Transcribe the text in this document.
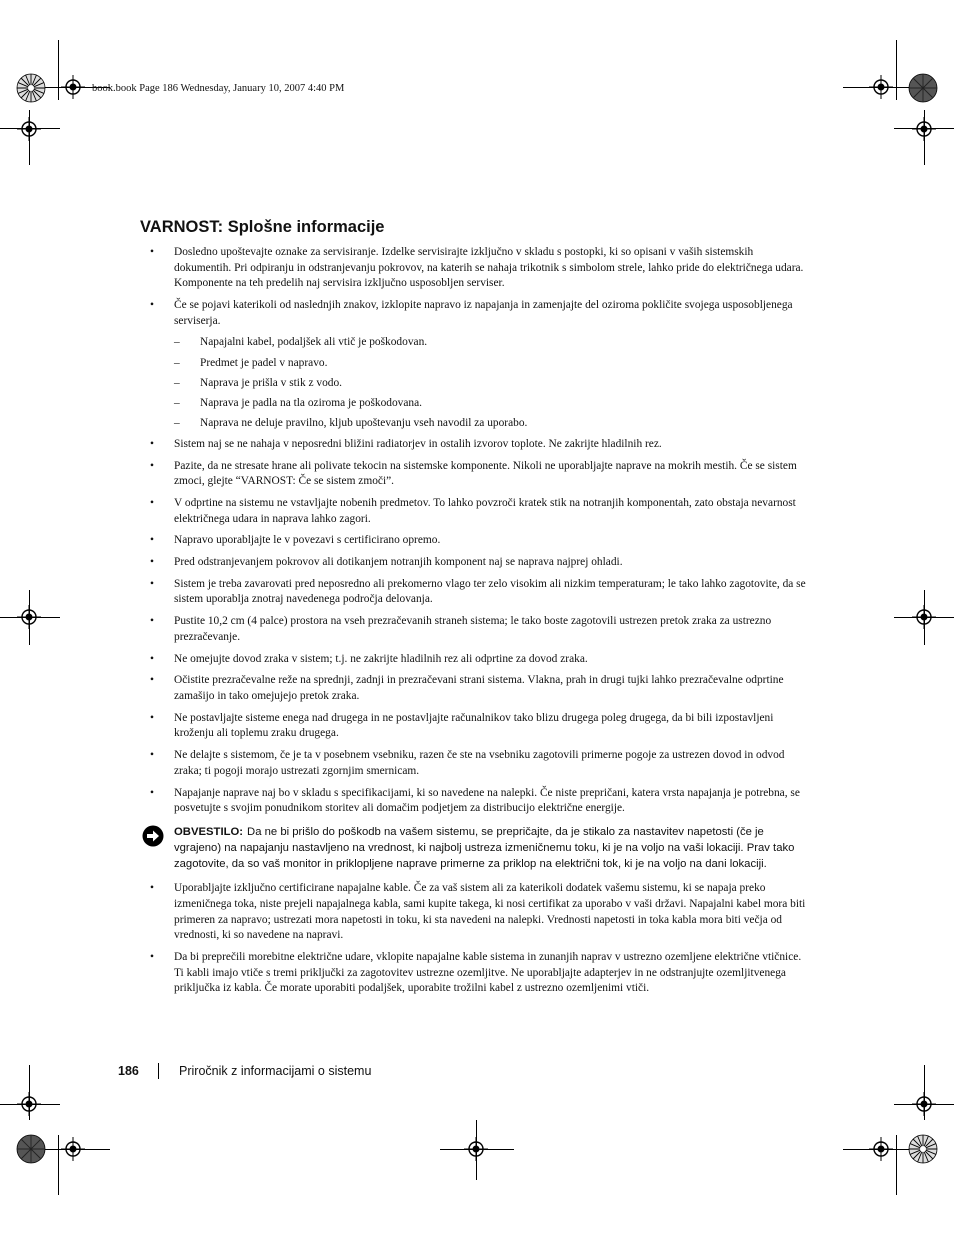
book.book Page 186 Wednesday, January 10, 2007 4:40 PM
VARNOST: Splošne informacije
• Dosledno upoštevajte oznake za servisiranje. Izdelke servisirajte izključno v skladu s postopki, ki so opisani v vaših sistemskih dokumentih. Pri odpiranju in odstranjevanju pokrovov, na katerih se nahaja trikotnik s simbolom strele, lahko pride do električnega udara. Komponente na teh predelih naj servisira izključno usposobljen serviser.
• Če se pojavi katerikoli od naslednjih znakov, izklopite napravo iz napajanja in zamenjajte del oziroma pokličite svojega usposobljenega serviserja.
– Napajalni kabel, podaljšek ali vtič je poškodovan.
– Predmet je padel v napravo.
– Naprava je prišla v stik z vodo.
– Naprava je padla na tla oziroma je poškodovana.
– Naprava ne deluje pravilno, kljub upoštevanju vseh navodil za uporabo.
• Sistem naj se ne nahaja v neposredni bližini radiatorjev in ostalih izvorov toplote. Ne zakrijte hladilnih rez.
• Pazite, da ne stresate hrane ali polivate tekocin na sistemske komponente. Nikoli ne uporabljajte naprave na mokrih mestih. Če se sistem zmoci, glejte “VARNOST: Če se sistem zmoči”.
• V odprtine na sistemu ne vstavljajte nobenih predmetov. To lahko povzroči kratek stik na notranjih komponentah, zato obstaja nevarnost električnega udara in naprava lahko zagori.
• Napravo uporabljajte le v povezavi s certificirano opremo.
• Pred odstranjevanjem pokrovov ali dotikanjem notranjih komponent naj se naprava najprej ohladi.
• Sistem je treba zavarovati pred neposredno ali prekomerno vlago ter zelo visokim ali nizkim temperaturam; le tako lahko zagotovite, da se sistem uporablja znotraj navedenega področja delovanja.
• Pustite 10,2 cm (4 palce) prostora na vseh prezračevanih straneh sistema; le tako boste zagotovili ustrezen pretok zraka za ustrezno prezračevanje.
• Ne omejujte dovod zraka v sistem; t.j. ne zakrijte hladilnih rez ali odprtine za dovod zraka.
• Očistite prezračevalne reže na sprednji, zadnji in prezračevani strani sistema. Vlakna, prah in drugi tujki lahko prezračevalne odprtine zamašijo in tako omejujejo pretok zraka.
• Ne postavljajte sisteme enega nad drugega in ne postavljajte računalnikov tako blizu drugega poleg drugega, da bi bili izpostavljeni kroženju ali toplemu zraku drugega.
• Ne delajte s sistemom, če je ta v posebnem vsebniku, razen če ste na vsebniku zagotovili primerne pogoje za ustrezen dovod in odvod zraka; ti pogoji morajo ustrezati zgornjim smernicam.
• Napajanje naprave naj bo v skladu s specifikacijami, ki so navedene na nalepki. Če niste prepričani, katera vrsta napajanja je potrebna, se posvetujte s svojim ponudnikom storitev ali domačim podjetjem za distribucijo električne energije.
OBVESTILO: Da ne bi prišlo do poškodb na vašem sistemu, se prepričajte, da je stikalo za nastavitev napetosti (če je vgrajeno) na napajanju nastavljeno na vrednost, ki najbolj ustreza izmeničnemu toku, ki je na voljo na vaši lokaciji. Prav tako zagotovite, da so vaš monitor in priklopljene naprave primerne za priklop na električni tok, ki je na voljo na dani lokaciji.
• Uporabljajte izključno certificirane napajalne kable. Če za vaš sistem ali za katerikoli dodatek vašemu sistemu, ki se napaja preko izmeničnega toka, niste prejeli napajalnega kabla, sami kupite takega, ki nosi certifikat za uporabo v vaši državi. Napajalni kabel mora biti primeren za napravo; ustrezati mora napetosti in toku, ki sta navedeni na nalepki. Vrednosti napetosti in toka kabla mora biti večja od vrednosti, ki so navedene na napravi.
• Da bi preprečili morebitne električne udare, vklopite napajalne kable sistema in zunanjih naprav v ustrezno ozemljene električne vtičnice. Ti kabli imajo vtiče s tremi priključki za zagotovitev ustrezne ozemljitve. Ne uporabljajte adapterjev in ne odstranjujte ozemljitvenega priključka iz kabla. Če morate uporabiti podaljšek, uporabite trožilni kabel z ustrezno ozemljenimi vtiči.
186	Priročnik z informacijami o sistemu
